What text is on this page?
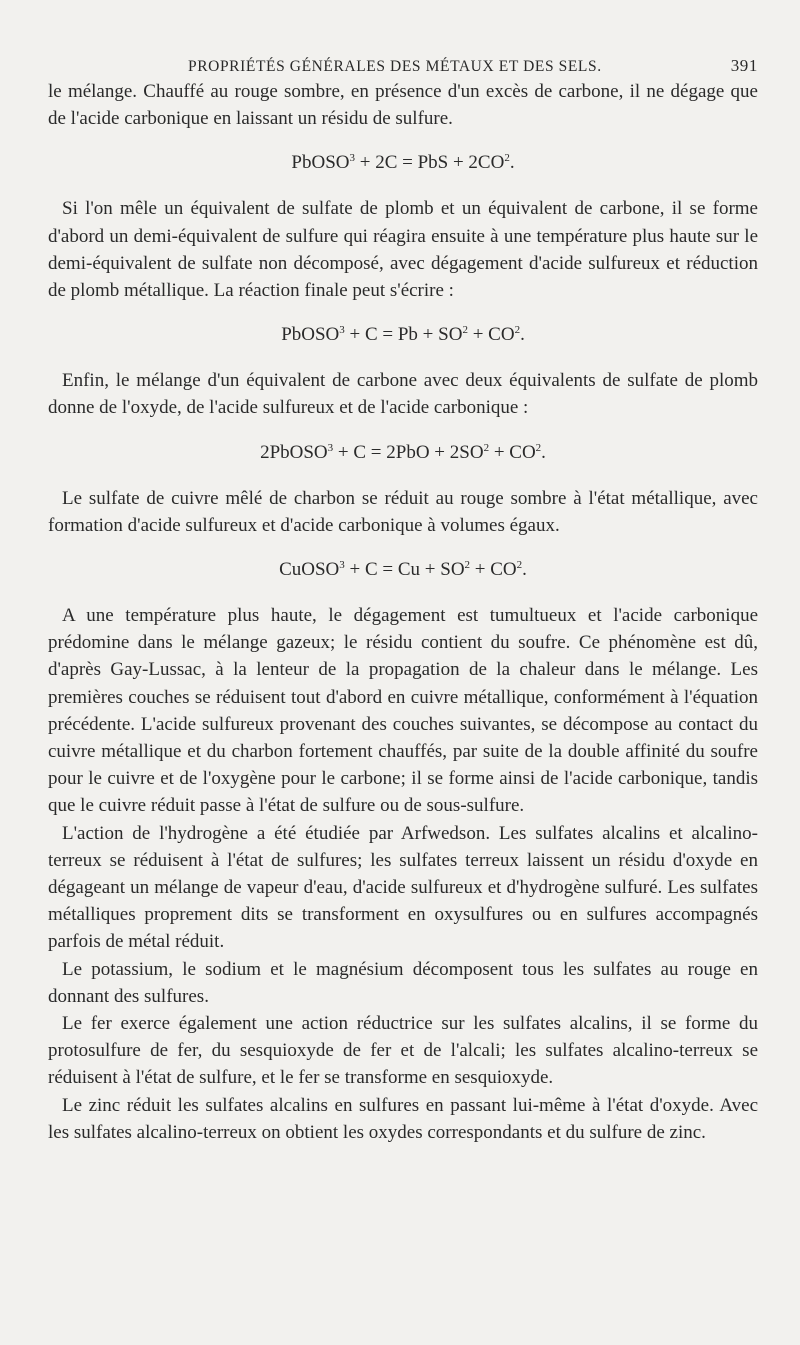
PROPRIÉTÉS GÉNÉRALES DES MÉTAUX ET DES SELS.	391

le mélange. Chauffé au rouge sombre, en présence d'un excès de carbone, il ne dégage que de l'acide carbonique en laissant un résidu de sulfure.

PbOSO$^3$ + 2C = PbS + $2CO^2$.

Si l'on mêle un équivalent de sulfate de plomb et un équivalent de carbone, il se forme d'abord un demi-équivalent de sulfure qui réagira ensuite à une température plus haute sur le demi-équivalent de sulfate non décomposé, avec dégagement d'acide sulfureux et réduction de plomb métallique. La réaction finale peut s'écrire :

PbOSO$^3$ + $C = Pb + SO^2 + CO^2$.

Enfin, le mélange d'un équivalent de carbone avec deux équivalents de sulfate de plomb donne de l'oxyde, de l'acide sulfureux et de l'acide carbonique :

2PbOSO$^3$ + $C = 2PbO + 2SO^2 + CO^2$.

Le sulfate de cuivre mêlé de charbon se réduit au rouge sombre à l'état métallique, avec formation d'acide sulfureux et d'acide carbonique à volumes égaux.

CuOSO$^3$ + $C = Cu + SO^2 + CO^2$.

A une température plus haute, le dégagement est tumultueux et l'acide carbonique prédomine dans le mélange gazeux; le résidu contient du soufre. Ce phénomène est dû, d'après Gay-Lussac, à la lenteur de la propagation de la chaleur dans le mélange. Les premières couches se réduisent tout d'abord en cuivre métallique, conformément à l'équation précédente. L'acide sulfureux provenant des couches suivantes, se décompose au contact du cuivre métallique et du charbon fortement chauffés, par suite de la double affinité du soufre pour le cuivre et de l'oxygène pour le carbone; il se forme ainsi de l'acide carbonique, tandis que le cuivre réduit passe à l'état de sulfure ou de sous-sulfure.

L'action de l'hydrogène a été étudiée par Arfwedson. Les sulfates alcalins et alcalino-terreux se réduisent à l'état de sulfures; les sulfates terreux laissent un résidu d'oxyde en dégageant un mélange de vapeur d'eau, d'acide sulfureux et d'hydrogène sulfuré. Les sulfates métalliques proprement dits se transforment en oxysulfures ou en sulfures accompagnés parfois de métal réduit.

Le potassium, le sodium et le magnésium décomposent tous les sulfates au rouge en donnant des sulfures.

Le fer exerce également une action réductrice sur les sulfates alcalins, il se forme du protosulfure de fer, du sesquioxyde de fer et de l'alcali; les sulfates alcalino-terreux se réduisent à l'état de sulfure, et le fer se transforme en sesquioxyde.

Le zinc réduit les sulfates alcalins en sulfures en passant lui-même à l'état d'oxyde. Avec les sulfates alcalino-terreux on obtient les oxydes correspondants et du sulfure de zinc.
